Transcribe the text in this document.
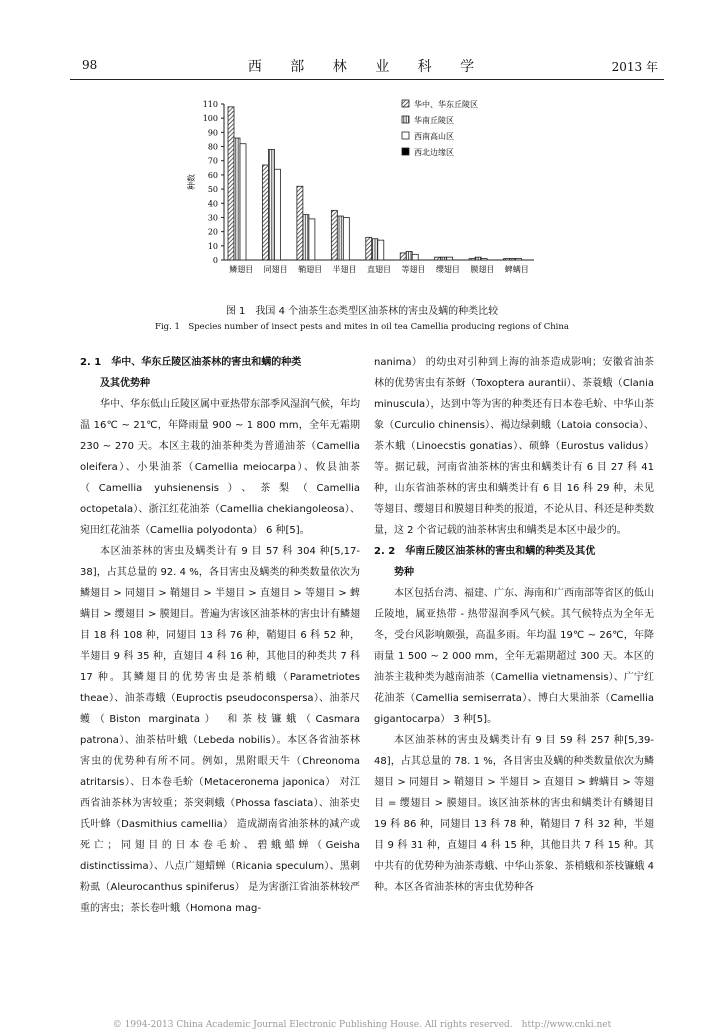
98	西 部 林 业 科 学	2013 年
0
10
20
30
40
50
60
70
80
90
100
110
种数
鳞翅目 同翅目 鞘翅目 半翅目 直翅目 等翅目 缨翅目 膜翅目 蜱螨目
华中、华东丘陵区
华南丘陵区
西南高山区
西北边缘区
图 1　我国 4 个油茶生态类型区油茶林的害虫及螨的种类比较
Fig. 1　Species number of insect pests and mites in oil tea Camellia producing regions of China

2. 1　华中、华东丘陵区油茶林的害虫和螨的种类
及其优势种

华中、华东低山丘陵区属中亚热带东部季风湿润气候，年均温 16℃ ~ 21℃，年降雨量 900 ~ 1 800 mm，全年无霜期 230 ~ 270 天。本区主栽的油茶种类为普通油茶（Camellia oleifera）、小果油茶（Camellia meiocarpa）、攸县油茶（Camellia yuhsienensis）、茶梨（Camellia octopetala）、浙江红花油茶（Camellia chekiangoleosa）、宛田红花油茶（Camellia polyodonta） 6 种[5]。

本区油茶林的害虫及螨类计有 9 目 57 科 304 种[5,17-38]，占其总量的 92. 4 %，各目害虫及螨类的种类数量依次为鳞翅目 > 同翅目 > 鞘翅目 > 半翅目 > 直翅目 > 等翅目 > 蜱螨目 > 缨翅目 > 膜翅目。普遍为害该区油茶林的害虫计有鳞翅目 18 科 108 种，同翅目 13 科 76 种，鞘翅目 6 科 52 种，半翅目 9 科 35 种，直翅目 4 科 16 种，其他目的种类共 7 科 17 种。其鳞翅目的优势害虫是茶梢蛾（Parametriotes theae）、油茶毒蛾（Euproctis pseudoconspersa）、油茶尺蠖（Biston marginata） 和茶枝镰蛾（Casmara patrona）、油茶枯叶蛾（Lebeda nobilis）。本区各省油茶林害虫的优势种有所不同。例如，黑附眼天牛（Chreonoma atritarsis）、日本卷毛蚧（Metaceronema japonica） 对江西省油茶林为害较重；茶突刺蛾（Phossa fasciata）、油茶史氏叶蜂（Dasmithius camellia） 造成湖南省油茶林的减产或死亡；同翅目的日本卷毛蚧、碧蛾蜡蝉（Geisha distinctissima）、八点广翅蜡蝉（Ricania speculum）、黑刺粉虱（Aleurocanthus spiniferus） 是为害浙江省油茶林较严重的害虫；茶长卷叶蛾（Homona mag-

nanima） 的幼虫对引种到上海的油茶造成影响；安徽省油茶林的优势害虫有茶蚜（Toxoptera aurantii）、茶蓑蛾（Clania minuscula），达到中等为害的种类还有日本卷毛蚧、中华山茶象（Curculio chinensis）、褐边绿刺蛾（Latoia consocia）、茶木蛾（Linoecstis gonatias）、硕蜂（Eurostus validus） 等。据记载，河南省油茶林的害虫和螨类计有 6 目 27 科 41 种，山东省油茶林的害虫和螨类计有 6 目 16 科 29 种，未见等翅目、缨翅目和膜翅目种类的报道，不论从目、科还是种类数量，这 2 个省记载的油茶林害虫和螨类是本区中最少的。

2. 2　华南丘陵区油茶林的害虫和螨的种类及其优
势种

本区包括台湾、福建、广东、海南和广西南部等省区的低山丘陵地，属亚热带 - 热带湿润季风气候。其气候特点为全年无冬，受台风影响颇强，高温多雨。年均温 19℃ ~ 26℃，年降雨量 1 500 ~ 2 000 mm，全年无霜期超过 300 天。本区的油茶主栽种类为越南油茶（Camellia vietnamensis）、广宁红花油茶（Camellia semiserrata）、博白大果油茶（Camellia gigantocarpa） 3 种[5]。

本区油茶林的害虫及螨类计有 9 目 59 科 257 种[5,39-48]，占其总量的 78. 1 %，各目害虫及螨的种类数量依次为鳞翅目 > 同翅目 > 鞘翅目 > 半翅目 > 直翅目 > 蜱螨目 > 等翅目 = 缨翅目 > 膜翅目。该区油茶林的害虫和螨类计有鳞翅目 19 科 86 种，同翅目 13 科 78 种，鞘翅目 7 科 32 种，半翅目 9 科 31 种，直翅目 4 科 15 种，其他目共 7 科 15 种。其中共有的优势种为油茶毒蛾、中华山茶象、茶梢蛾和茶枝镰蛾 4 种。本区各省油茶林的害虫优势种各

© 1994-2013 China Academic Journal Electronic Publishing House. All rights reserved.　http://www.cnki.net
